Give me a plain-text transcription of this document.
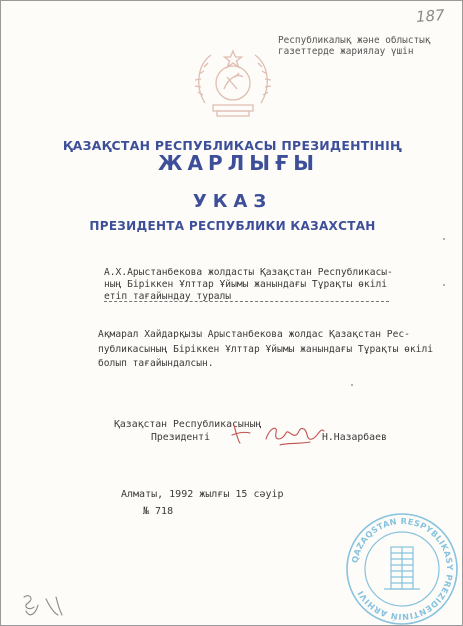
187
Республикалық және облыстық
газеттерде жариялау үшін
ҚАЗАҚСТАН РЕСПУБЛИКАСЫ ПРЕЗИДЕНТІНІҢ
ЖАРЛЫҒЫ
УКАЗ
ПРЕЗИДЕНТА РЕСПУБЛИКИ КАЗАХСТАН
А.Х.Арыстанбекова жолдасты Қазақстан Республикасы-
ның Біріккен Ұлттар Ұйымы жанындағы Тұрақты өкілі
етіп тағайындау туралы
Ақмарал Хайдарқызы Арыстанбекова жолдас Қазақстан Рес-
публикасының Біріккен Ұлттар Ұйымы жанындағы Тұрақты өкілі
болып тағайындалсын.
Қазақстан Республикасының
Президенті	Н.Назарбаев
Алматы, 1992 жылғы 15 сәуір
№ 718
QAZAQSTAN RESPYBLIKASY PREZIDENTINIŃ ARHIVI
